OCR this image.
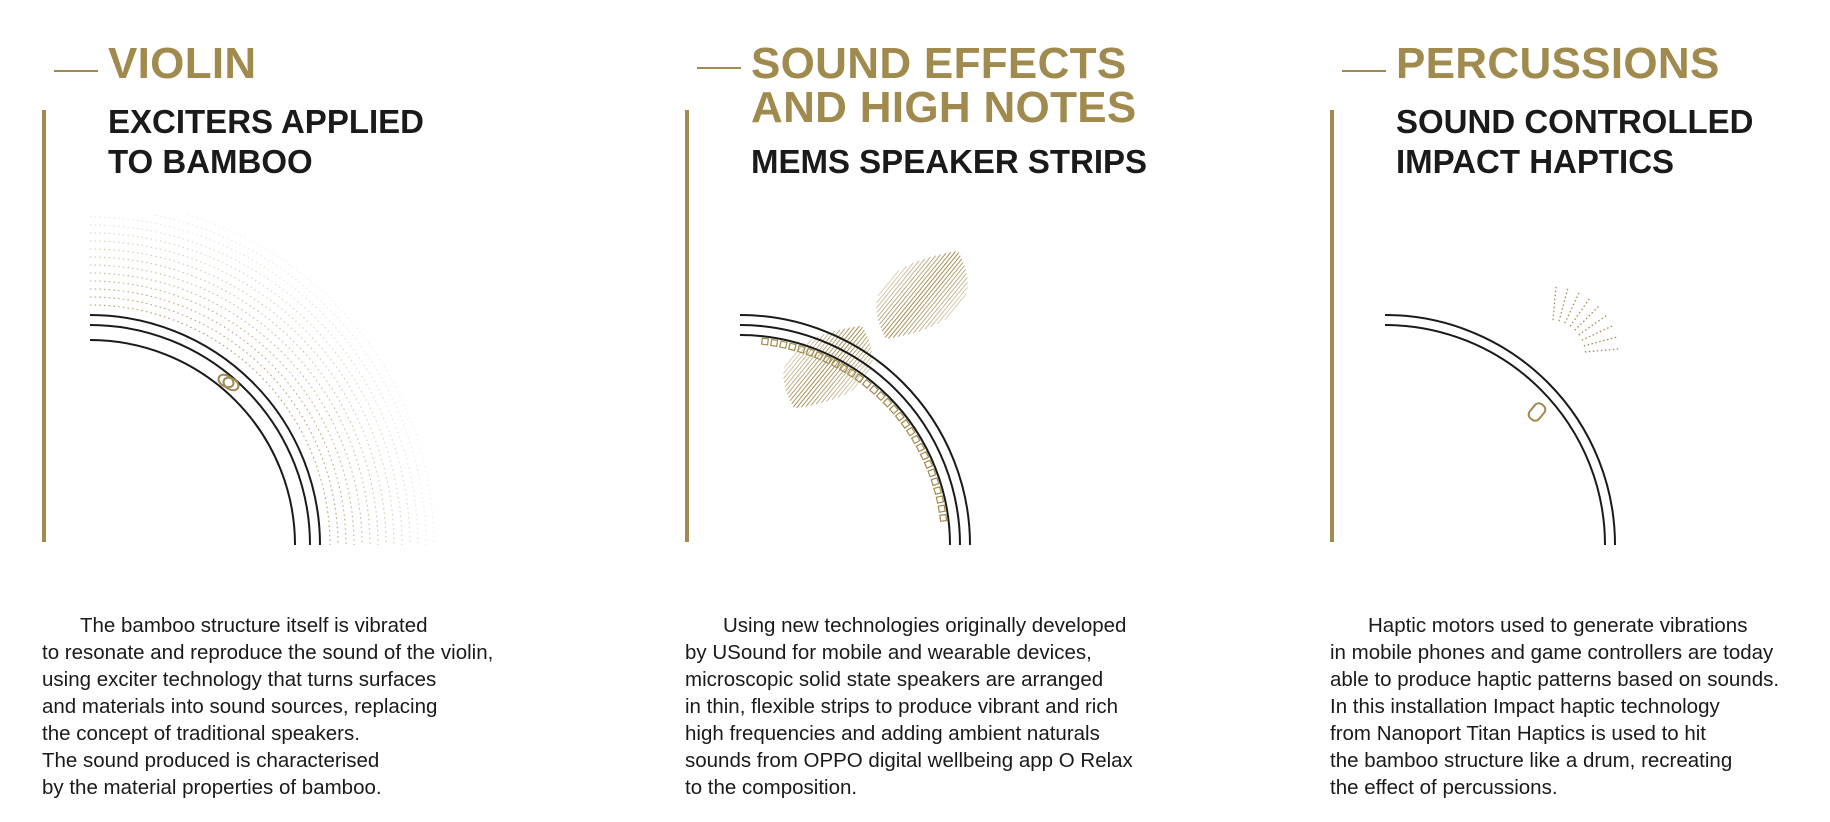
VIOLIN
EXCITERS APPLIED
TO BAMBOO

The bamboo structure itself is vibrated

to resonate and reproduce the sound of the violin,

using exciter technology that turns surfaces

and materials into sound sources, replacing

the concept of traditional speakers.

The sound produced is characterised

by the material properties of bamboo.

SOUND EFFECTS
AND HIGH NOTES
MEMS SPEAKER STRIPS

Using new technologies originally developed

by USound for mobile and wearable devices,

microscopic solid state speakers are arranged

in thin, flexible strips to produce vibrant and rich

high frequencies and adding ambient naturals

sounds from OPPO digital wellbeing app O Relax

to the composition.

PERCUSSIONS
SOUND CONTROLLED
IMPACT HAPTICS

Haptic motors used to generate vibrations

in mobile phones and game controllers are today

able to produce haptic patterns based on sounds.

In this installation Impact haptic technology

from Nanoport Titan Haptics is used to hit

the bamboo structure like a drum, recreating

the effect of percussions.
